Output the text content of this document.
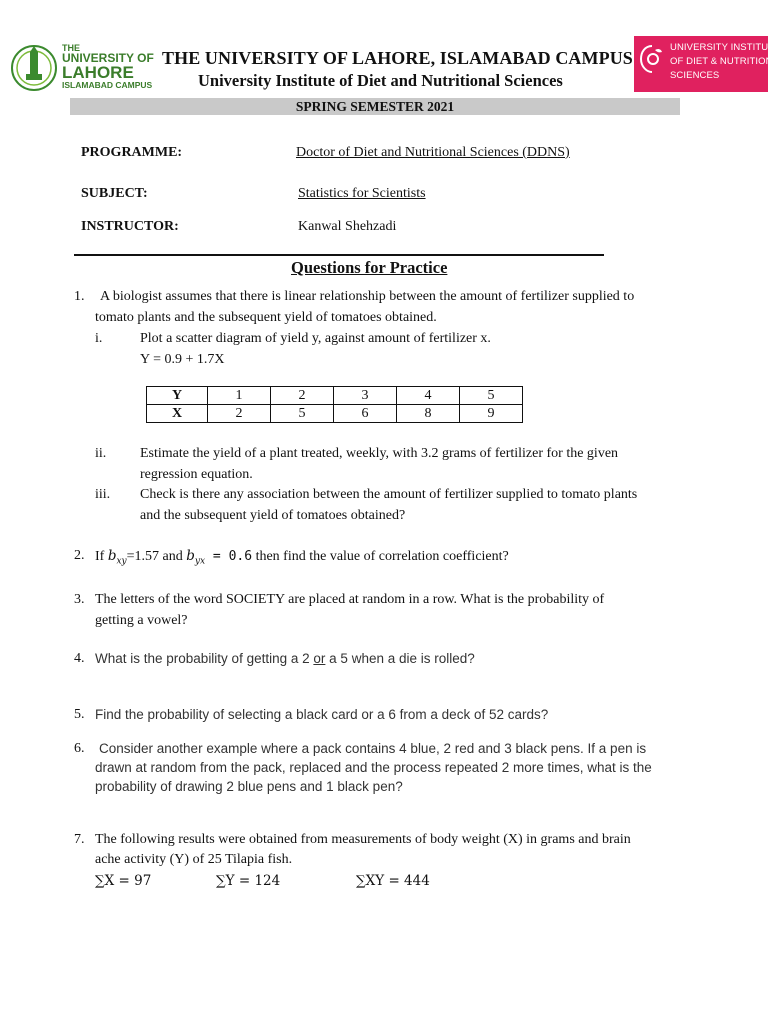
THE
UNIVERSITY OF
LAHORE
ISLAMABAD CAMPUS
THE UNIVERSITY OF LAHORE, ISLAMABAD CAMPUS
University Institute of Diet and Nutritional Sciences
UNIVERSITY INSTITUTE
OF DIET & NUTRITIONAL
SCIENCES
SPRING SEMESTER 2021
PROGRAMME:	Doctor of Diet and Nutritional Sciences (DDNS)
SUBJECT:	Statistics for Scientists
INSTRUCTOR:	Kanwal Shehzadi
Questions for Practice
1. A biologist assumes that there is linear relationship between the amount of fertilizer supplied to
tomato plants and the subsequent yield of tomatoes obtained.
i.	Plot a scatter diagram of yield y, against amount of fertilizer x.
Y = 0.9 + 1.7X
Y	1	2	3	4	5
X	2	5	6	8	9
ii. Estimate the yield of a plant treated, weekly, with 3.2 grams of fertilizer for the given
regression equation.
iii. Check is there any association between the amount of fertilizer supplied to tomato plants
and the subsequent yield of tomatoes obtained?
2. If $b_{xy}=1.57$ and $b_{yx} = 0.6$ then find the value of correlation coefficient?
3. The letters of the word SOCIETY are placed at random in a row. What is the probability of
getting a vowel?
4. What is the probability of getting a 2 or a 5 when a die is rolled?
5. Find the probability of selecting a black card or a 6 from a deck of 52 cards?
6. Consider another example where a pack contains 4 blue, 2 red and 3 black pens. If a pen is
drawn at random from the pack, replaced and the process repeated 2 more times, what is the
probability of drawing 2 blue pens and 1 black pen?
7. The following results were obtained from measurements of body weight (X) in grams and brain
ache activity (Y) of 25 Tilapia fish.
∑X = 97	∑Y = 124	∑XY = 444
